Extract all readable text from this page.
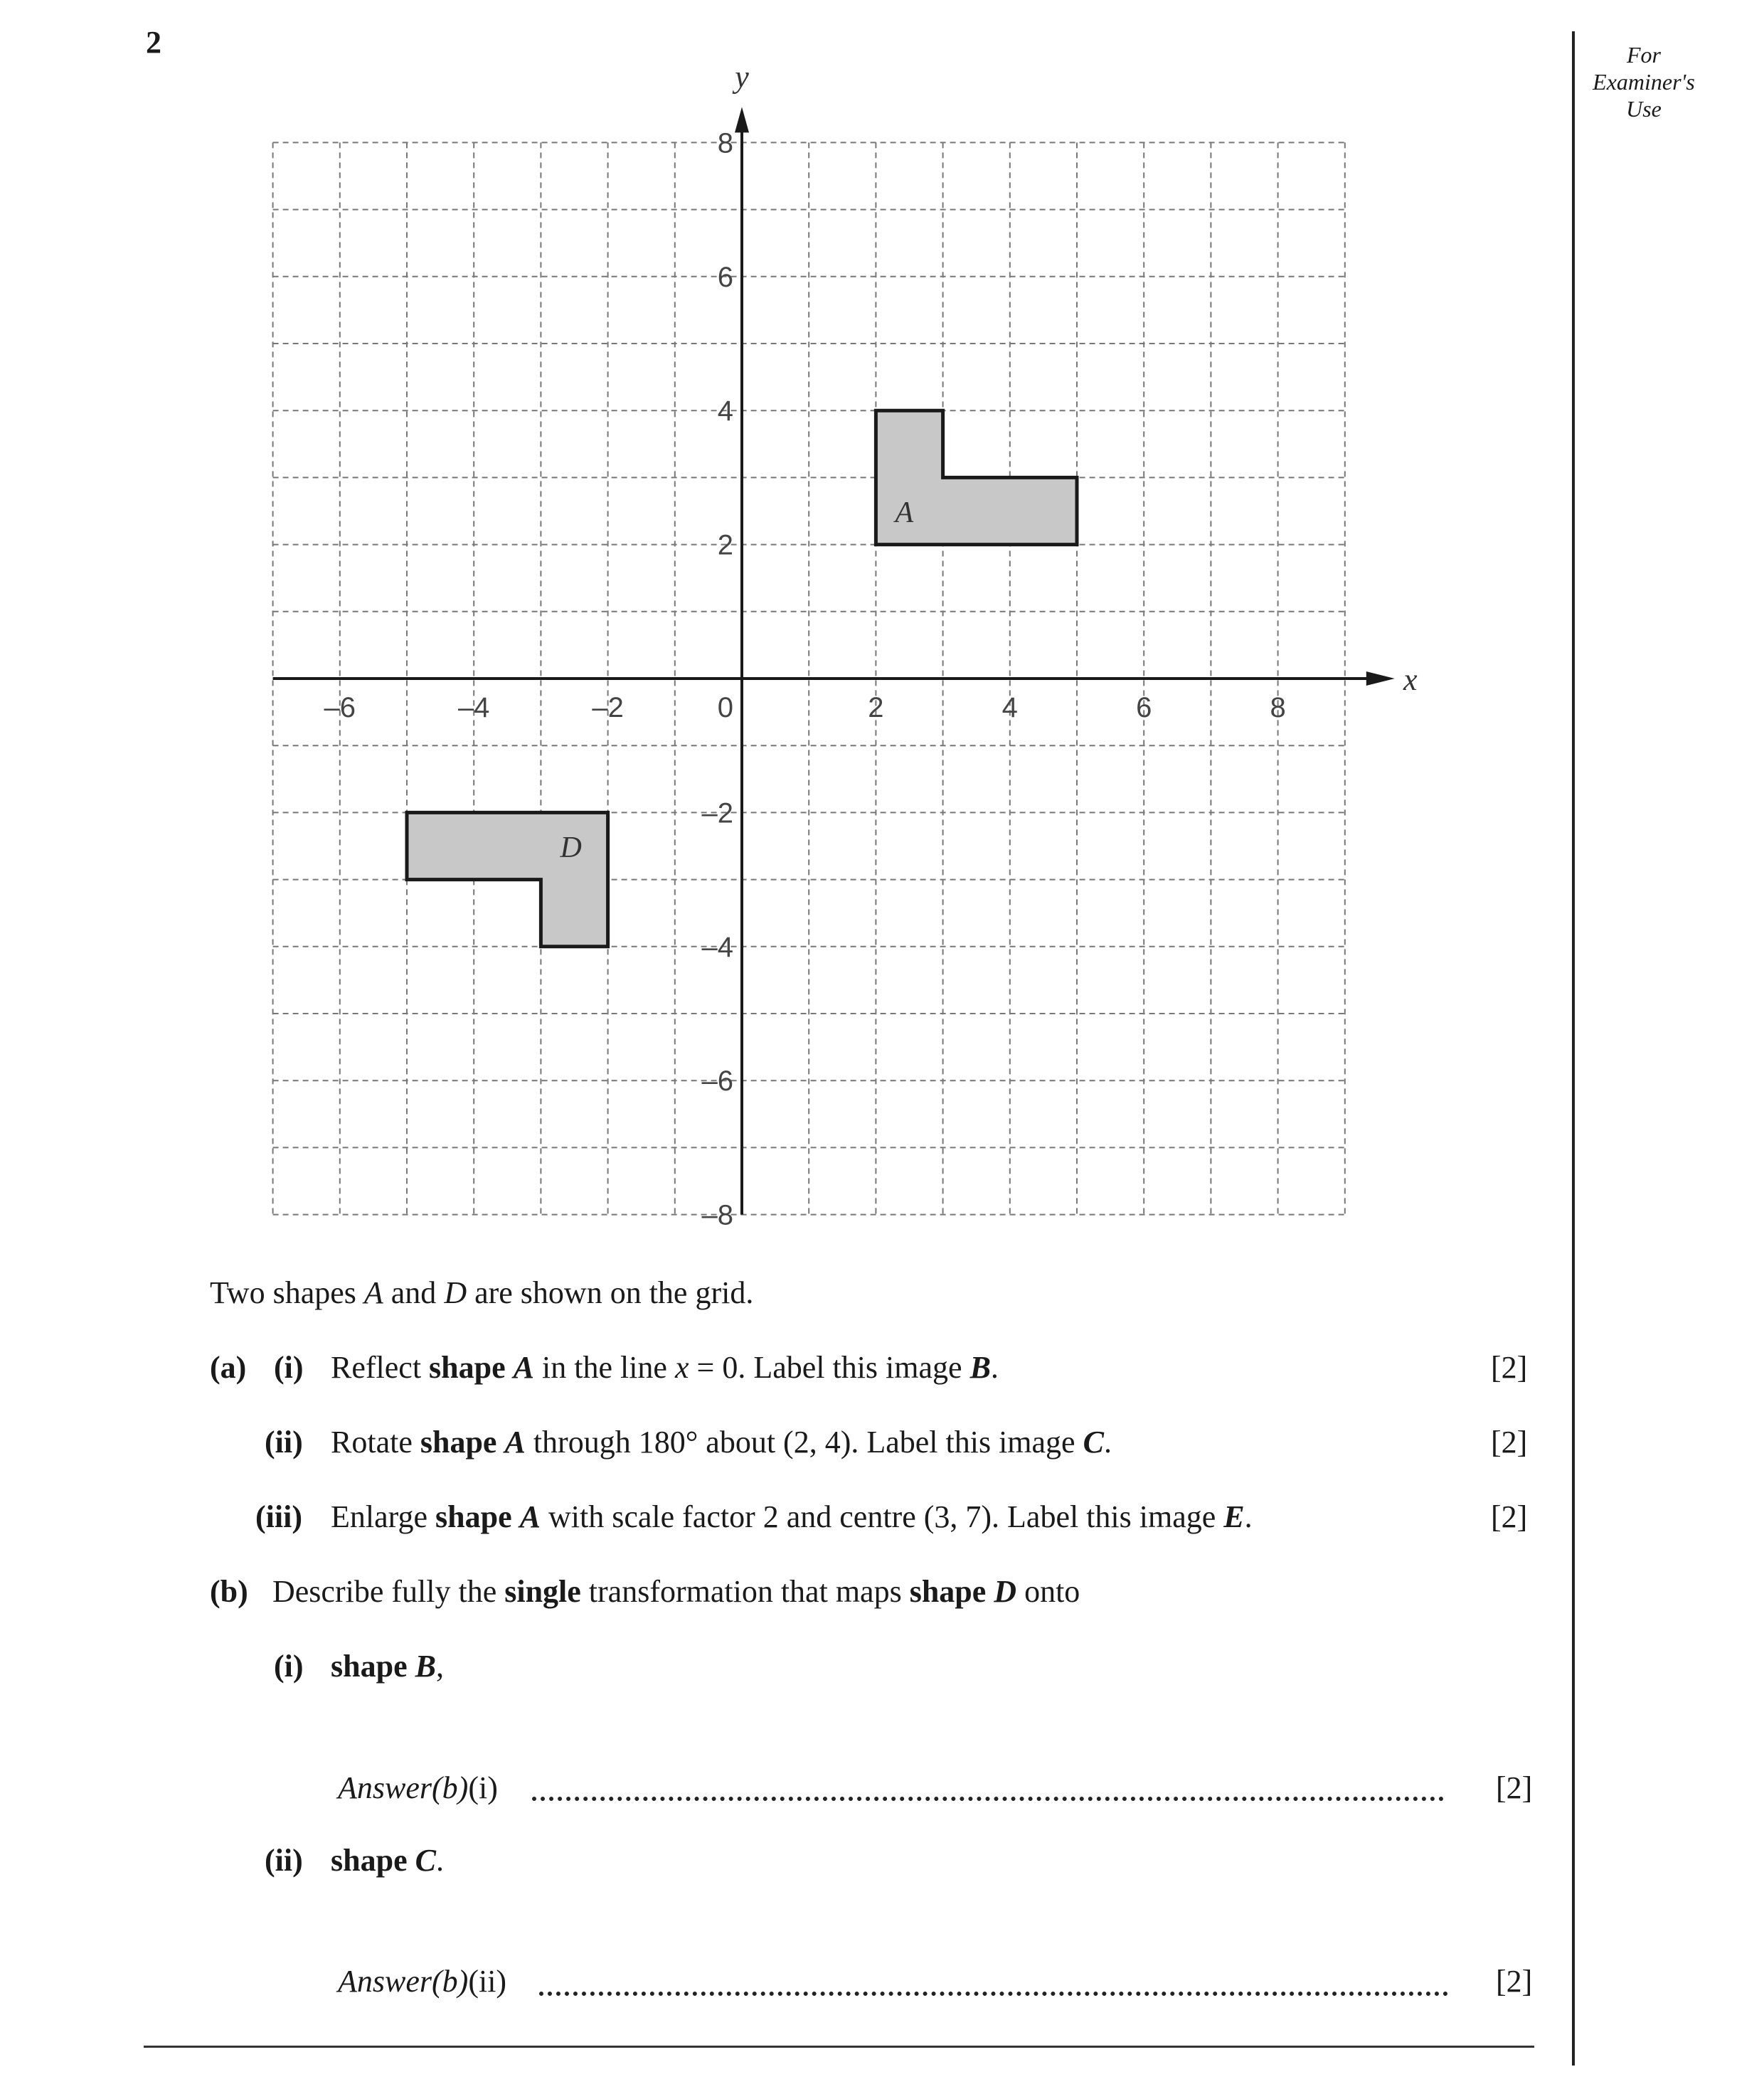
2	For
Examiner's
Use
A
D
x
y
–6	–4	–2	2	4	6	8
8
6
4
2
–2
–4
–6
–8
0
Two shapes A and D are shown on the grid.
(a) (i) Reflect shape A in the line x = 0. Label this image B.	[2]
(ii) Rotate shape A through 180° about (2, 4). Label this image C.	[2]
(iii) Enlarge shape A with scale factor 2 and centre (3, 7). Label this image E.	[2]
(b) Describe fully the single transformation that maps shape D onto
(i) shape B,
Answer(b)(i)	[2]
(ii) shape C.
Answer(b)(ii)	[2]
